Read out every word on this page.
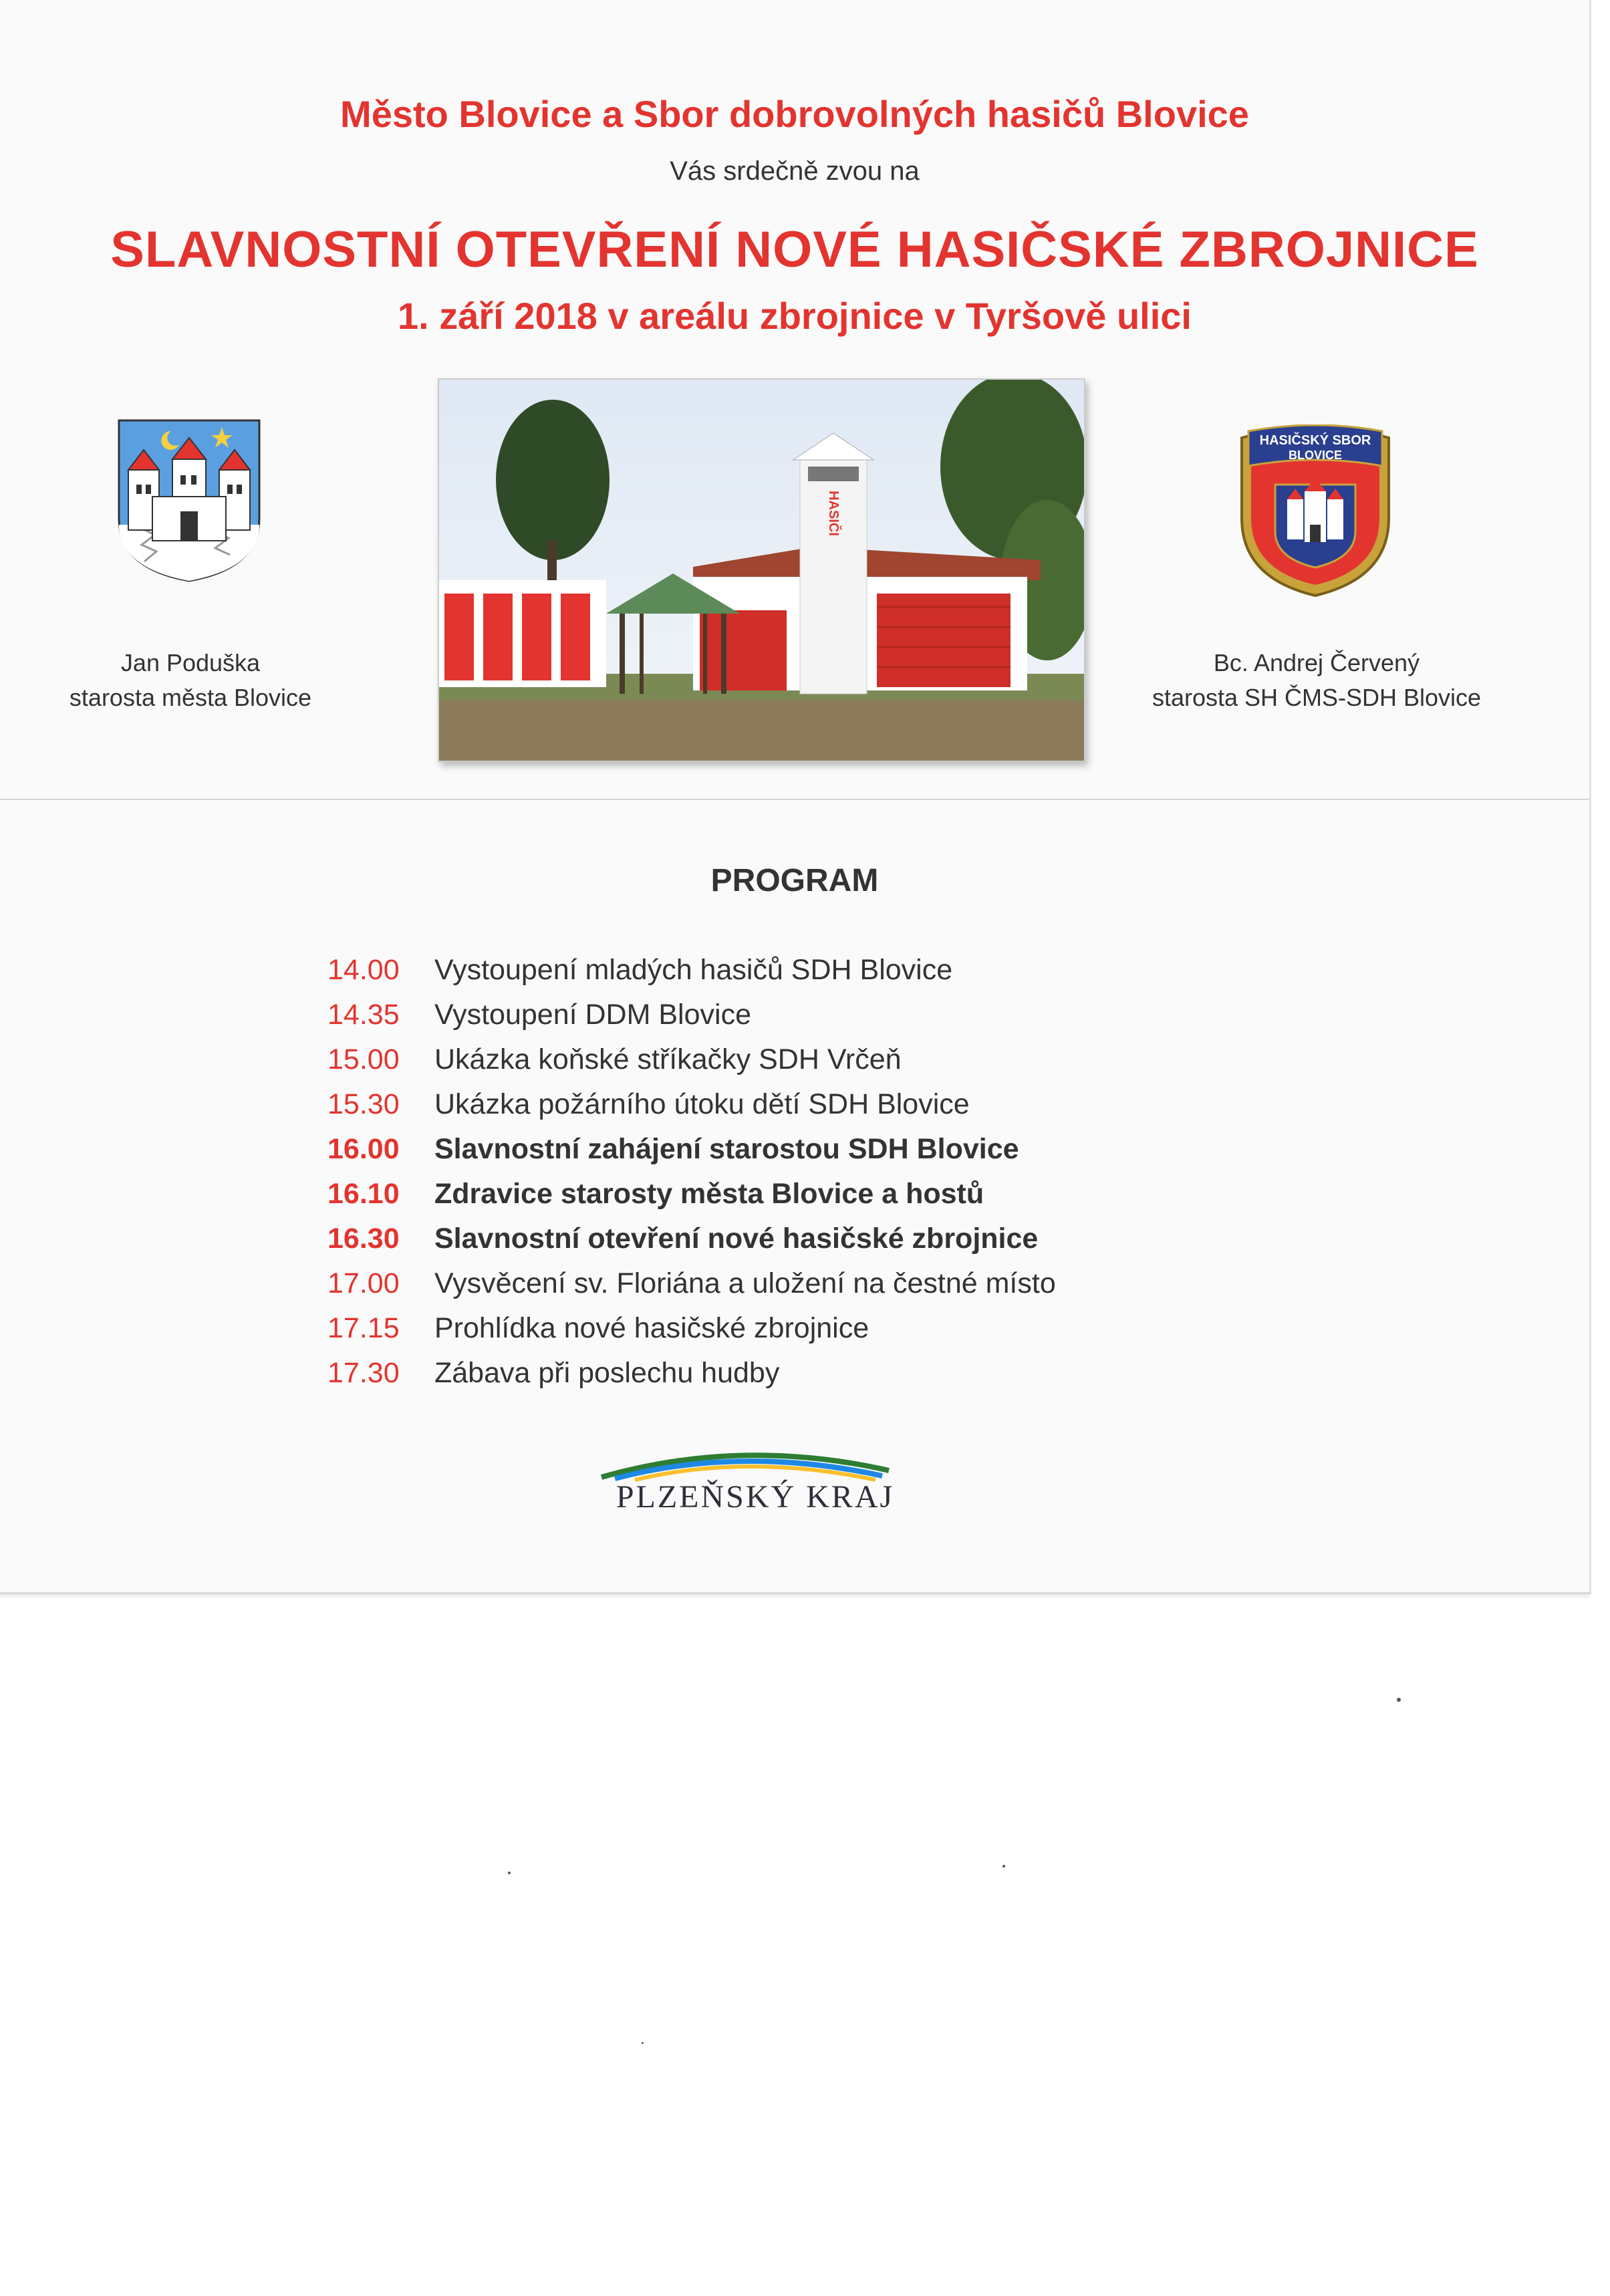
Město Blovice a Sbor dobrovolných hasičů Blovice
Vás srdečně zvou na
SLAVNOSTNÍ OTEVŘENÍ NOVÉ HASIČSKÉ ZBROJNICE
1. září 2018 v areálu zbrojnice v Tyršově ulici
HASIČI
HASIČSKÝ SBOR
BLOVICE
Jan Poduška
starosta města Blovice
Bc. Andrej Červený
starosta SH ČMS-SDH Blovice
PROGRAM
14.00	Vystoupení mladých hasičů SDH Blovice
14.35	Vystoupení DDM Blovice
15.00	Ukázka koňské stříkačky SDH Vrčeň
15.30	Ukázka požárního útoku dětí SDH Blovice
16.00	Slavnostní zahájení starostou SDH Blovice
16.10	Zdravice starosty města Blovice a hostů
16.30	Slavnostní otevření nové hasičské zbrojnice
17.00	Vysvěcení sv. Floriána a uložení na čestné místo
17.15	Prohlídka nové hasičské zbrojnice
17.30	Zábava při poslechu hudby
PLZEŇSKÝ KRAJ
